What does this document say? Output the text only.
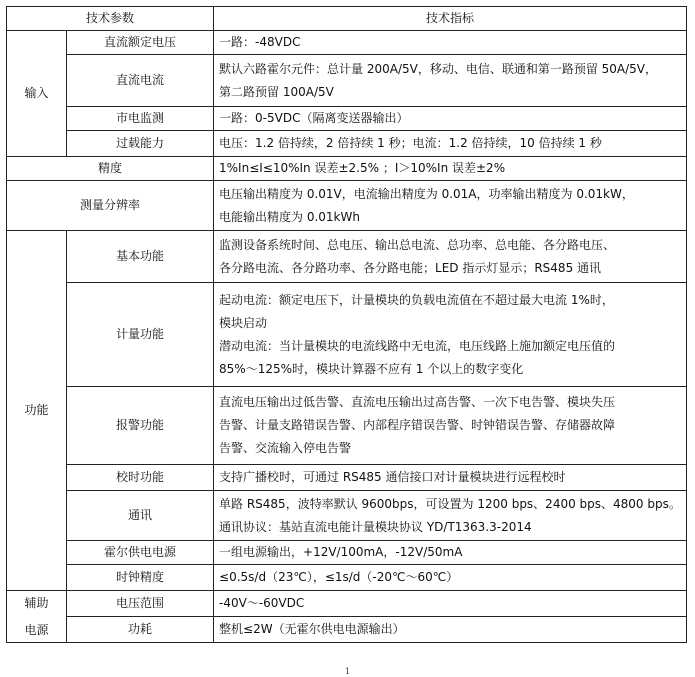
技术参数		技术指标
输入	直流额定电压	一路：-48VDC

	直流电流	默认六路霍尔元件：总计量 200A/5V，移动、电信、联通和第一路预留 50A/5V，
第二路预留 100A/5V

	市电监测	一路：0-5VDC（隔离变送器输出）

	过载能力	电压：1.2 倍持续，2 倍持续 1 秒；电流：1.2 倍持续，10 倍持续 1 秒

精度		1%In≤I≤10%In 误差±2.5% ；I＞10%In 误差±2%

测量分辨率		电压输出精度为 0.01V，电流输出精度为 0.01A，功率输出精度为 0.01kW，
电能输出精度为 0.01kWh

功能	基本功能	监测设备系统时间、总电压、输出总电流、总功率、总电能、各分路电压、
各分路电流、各分路功率、各分路电能；LED 指示灯显示；RS485 通讯

	计量功能	起动电流：额定电压下，计量模块的负载电流值在不超过最大电流 1%时，
模块启动
潜动电流：当计量模块的电流线路中无电流，电压线路上施加额定电压值的
85%～125%时，模块计算器不应有 1 个以上的数字变化

	报警功能	直流电压输出过低告警、直流电压输出过高告警、一次下电告警、模块失压
告警、计量支路错误告警、内部程序错误告警、时钟错误告警、存储器故障
告警、交流输入停电告警

	校时功能	支持广播校时，可通过 RS485 通信接口对计量模块进行远程校时

	通讯	单路 RS485，波特率默认 9600bps，可设置为 1200 bps、2400 bps、4800 bps。
通讯协议：基站直流电能计量模块协议 YD/T1363.3-2014

	霍尔供电电源	一组电源输出，+12V/100mA，-12V/50mA

	时钟精度	≤0.5s/d（23℃），≤1s/d（-20℃～60℃）

辅助
电源	电压范围	-40V～-60VDC

	功耗	整机≤2W（无霍尔供电电源输出）
1
